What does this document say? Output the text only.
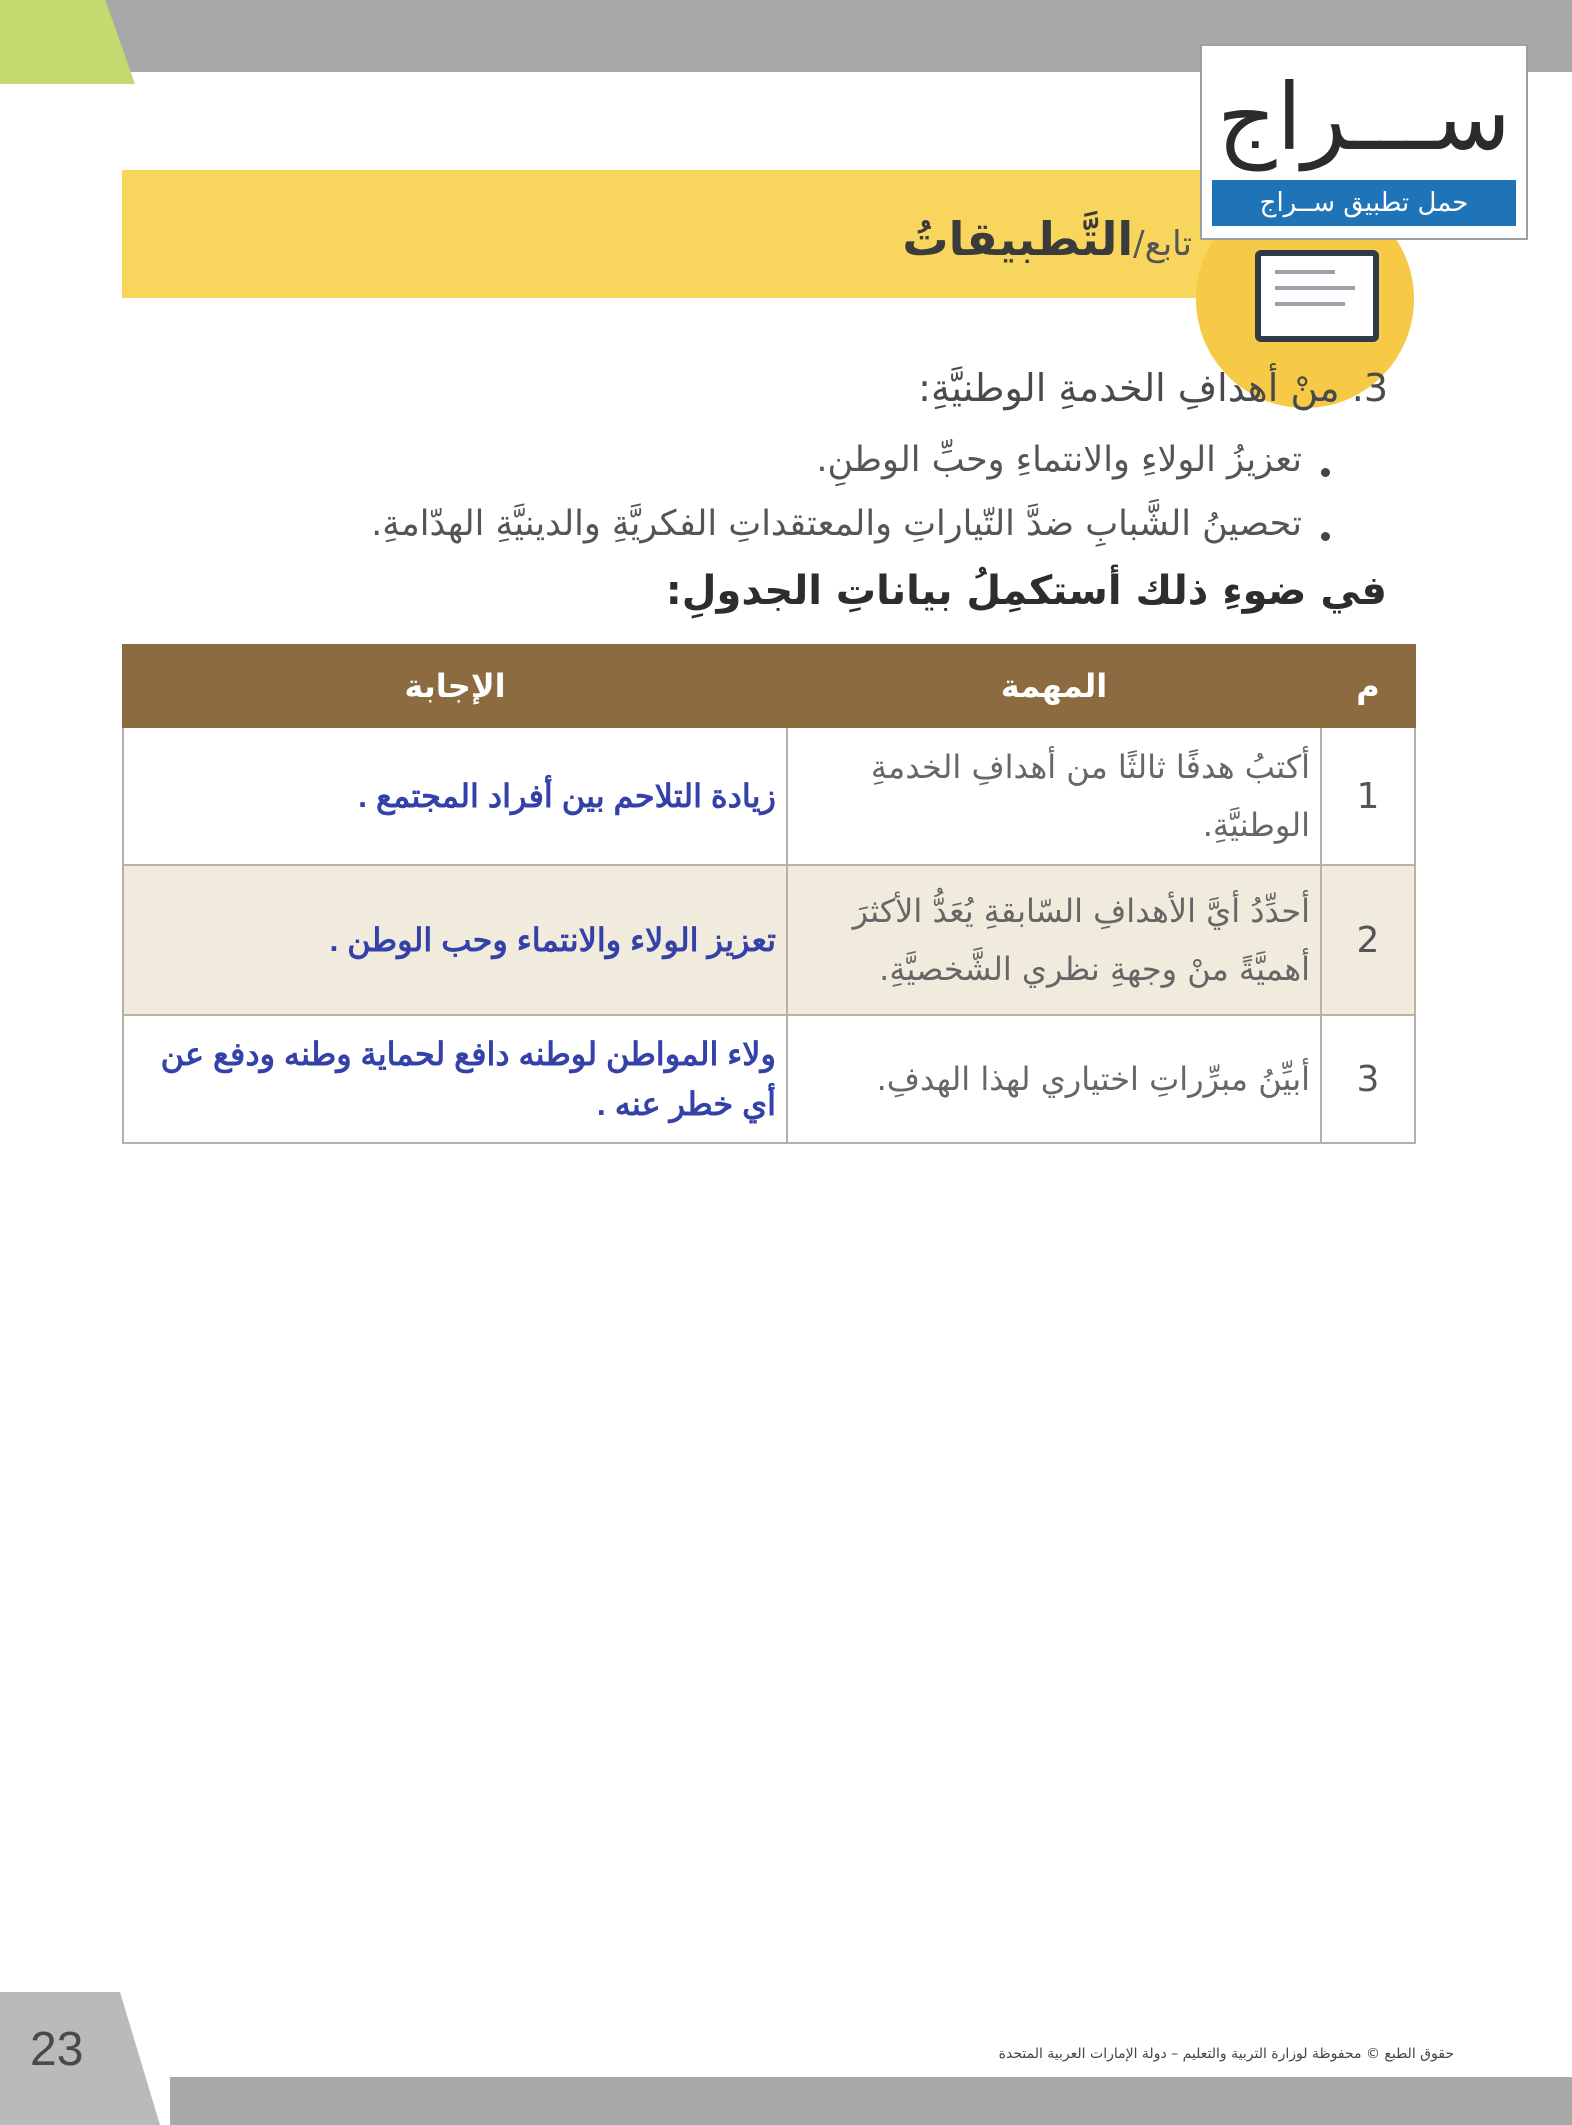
تابع/التَّطبيقاتُ
ســـراج
حمل تطبيق ســراج
3. منْ أهدافِ الخدمةِ الوطنيَّةِ:
تعزيزُ الولاءِ والانتماءِ وحبِّ الوطنِ.
تحصينُ الشَّبابِ ضدَّ التّياراتِ والمعتقداتِ الفكريَّةِ والدينيَّةِ الهدّامةِ.
في ضوءِ ذلك أستكمِلُ بياناتِ الجدولِ:
م	المهمة	الإجابة
1	أكتبُ هدفًا ثالثًا من أهدافِ الخدمةِ الوطنيَّةِ.	زيادة التلاحم بين أفراد المجتمع .
2	أحدِّدُ أيَّ الأهدافِ السّابقةِ يُعَدُّ الأكثرَ أهميَّةً منْ وجهةِ نظري الشَّخصيَّةِ.	تعزيز الولاء والانتماء وحب الوطن .
3	أبيِّنُ مبرِّراتِ اختياري لهذا الهدفِ.	ولاء المواطن لوطنه دافع لحماية وطنه ودفع عن أي خطر عنه .
23	حقوق الطبع © محفوظة لوزارة التربية والتعليم – دولة الإمارات العربية المتحدة
